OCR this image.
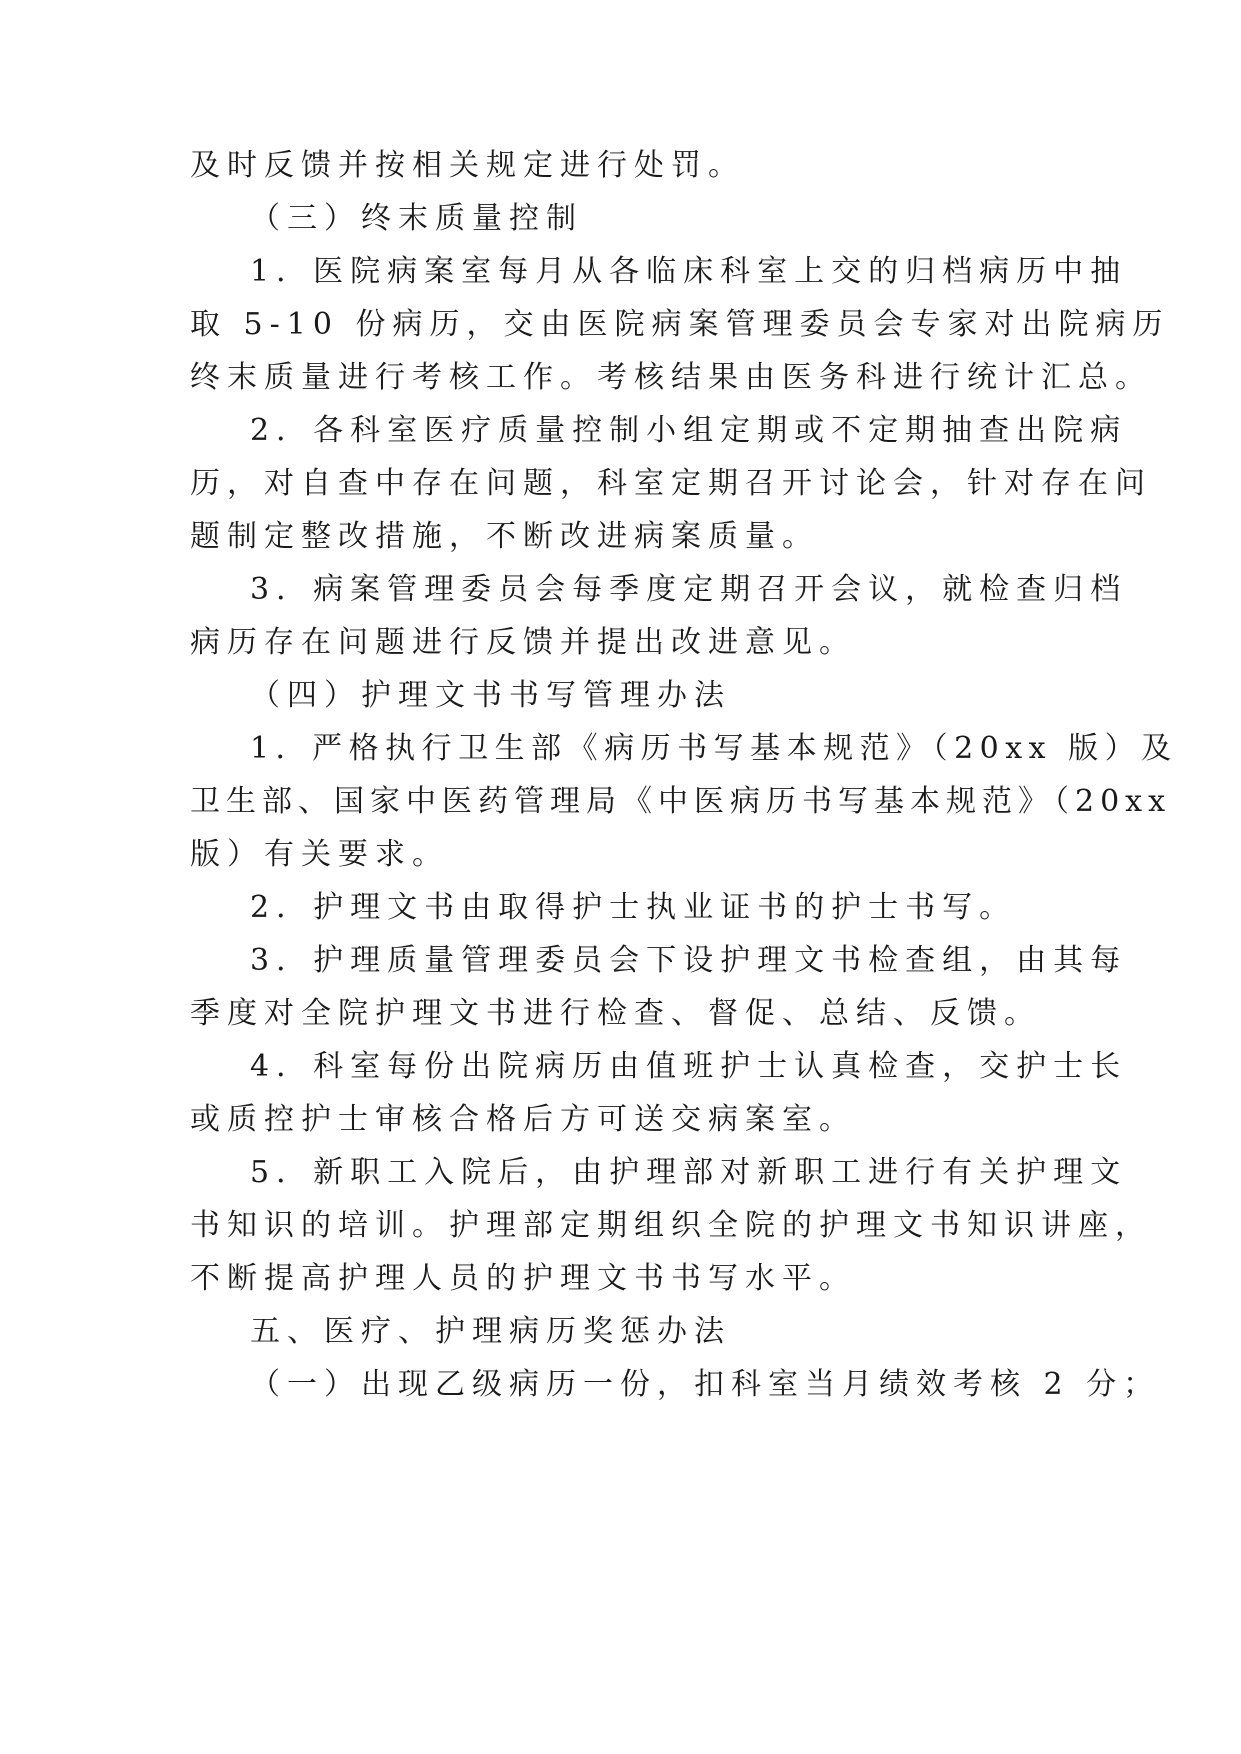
及时反馈并按相关规定进行处罚。
（三）终末质量控制
1．医院病案室每月从各临床科室上交的归档病历中抽
取 5-10 份病历，交由医院病案管理委员会专家对出院病历
终末质量进行考核工作。考核结果由医务科进行统计汇总。
2．各科室医疗质量控制小组定期或不定期抽查出院病
历，对自查中存在问题，科室定期召开讨论会，针对存在问
题制定整改措施，不断改进病案质量。
3．病案管理委员会每季度定期召开会议，就检查归档
病历存在问题进行反馈并提出改进意见。
（四）护理文书书写管理办法
1．严格执行卫生部《病历书写基本规范》（20xx 版）及
卫生部、国家中医药管理局《中医病历书写基本规范》（20xx
版）有关要求。
2．护理文书由取得护士执业证书的护士书写。
3．护理质量管理委员会下设护理文书检查组，由其每
季度对全院护理文书进行检查、督促、总结、反馈。
4．科室每份出院病历由值班护士认真检查，交护士长
或质控护士审核合格后方可送交病案室。
5．新职工入院后，由护理部对新职工进行有关护理文
书知识的培训。护理部定期组织全院的护理文书知识讲座，
不断提高护理人员的护理文书书写水平。
五、医疗、护理病历奖惩办法
（一）出现乙级病历一份，扣科室当月绩效考核 2 分；
